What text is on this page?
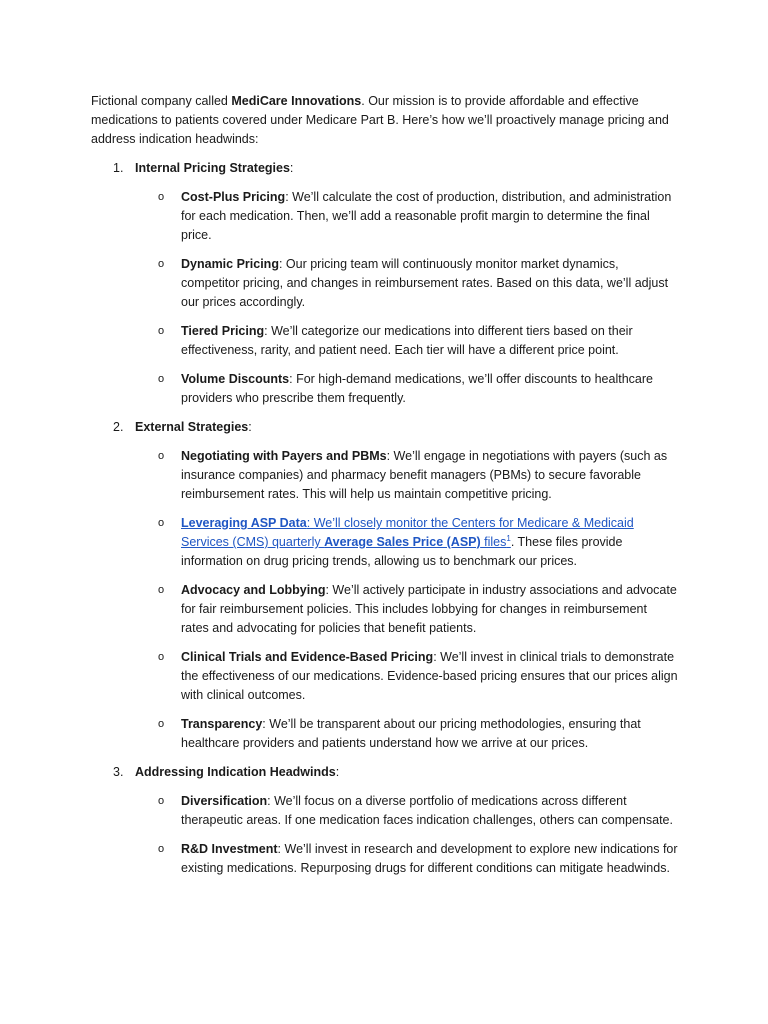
Fictional company called MediCare Innovations. Our mission is to provide affordable and effective medications to patients covered under Medicare Part B. Here’s how we’ll proactively manage pricing and address indication headwinds:

1. Internal Pricing Strategies:

o Cost-Plus Pricing: We’ll calculate the cost of production, distribution, and administration for each medication. Then, we’ll add a reasonable profit margin to determine the final price.

o Dynamic Pricing: Our pricing team will continuously monitor market dynamics, competitor pricing, and changes in reimbursement rates. Based on this data, we’ll adjust our prices accordingly.

o Tiered Pricing: We’ll categorize our medications into different tiers based on their effectiveness, rarity, and patient need. Each tier will have a different price point.

o Volume Discounts: For high-demand medications, we’ll offer discounts to healthcare providers who prescribe them frequently.

2. External Strategies:

o Negotiating with Payers and PBMs: We’ll engage in negotiations with payers (such as insurance companies) and pharmacy benefit managers (PBMs) to secure favorable reimbursement rates. This will help us maintain competitive pricing.

o Leveraging ASP Data: We’ll closely monitor the Centers for Medicare & Medicaid Services (CMS) quarterly Average Sales Price (ASP) files$^1$. These files provide information on drug pricing trends, allowing us to benchmark our prices.

o Advocacy and Lobbying: We’ll actively participate in industry associations and advocate for fair reimbursement policies. This includes lobbying for changes in reimbursement rates and advocating for policies that benefit patients.

o Clinical Trials and Evidence-Based Pricing: We’ll invest in clinical trials to demonstrate the effectiveness of our medications. Evidence-based pricing ensures that our prices align with clinical outcomes.

o Transparency: We’ll be transparent about our pricing methodologies, ensuring that healthcare providers and patients understand how we arrive at our prices.

3. Addressing Indication Headwinds:

o Diversification: We’ll focus on a diverse portfolio of medications across different therapeutic areas. If one medication faces indication challenges, others can compensate.

o R&D Investment: We’ll invest in research and development to explore new indications for existing medications. Repurposing drugs for different conditions can mitigate headwinds.
